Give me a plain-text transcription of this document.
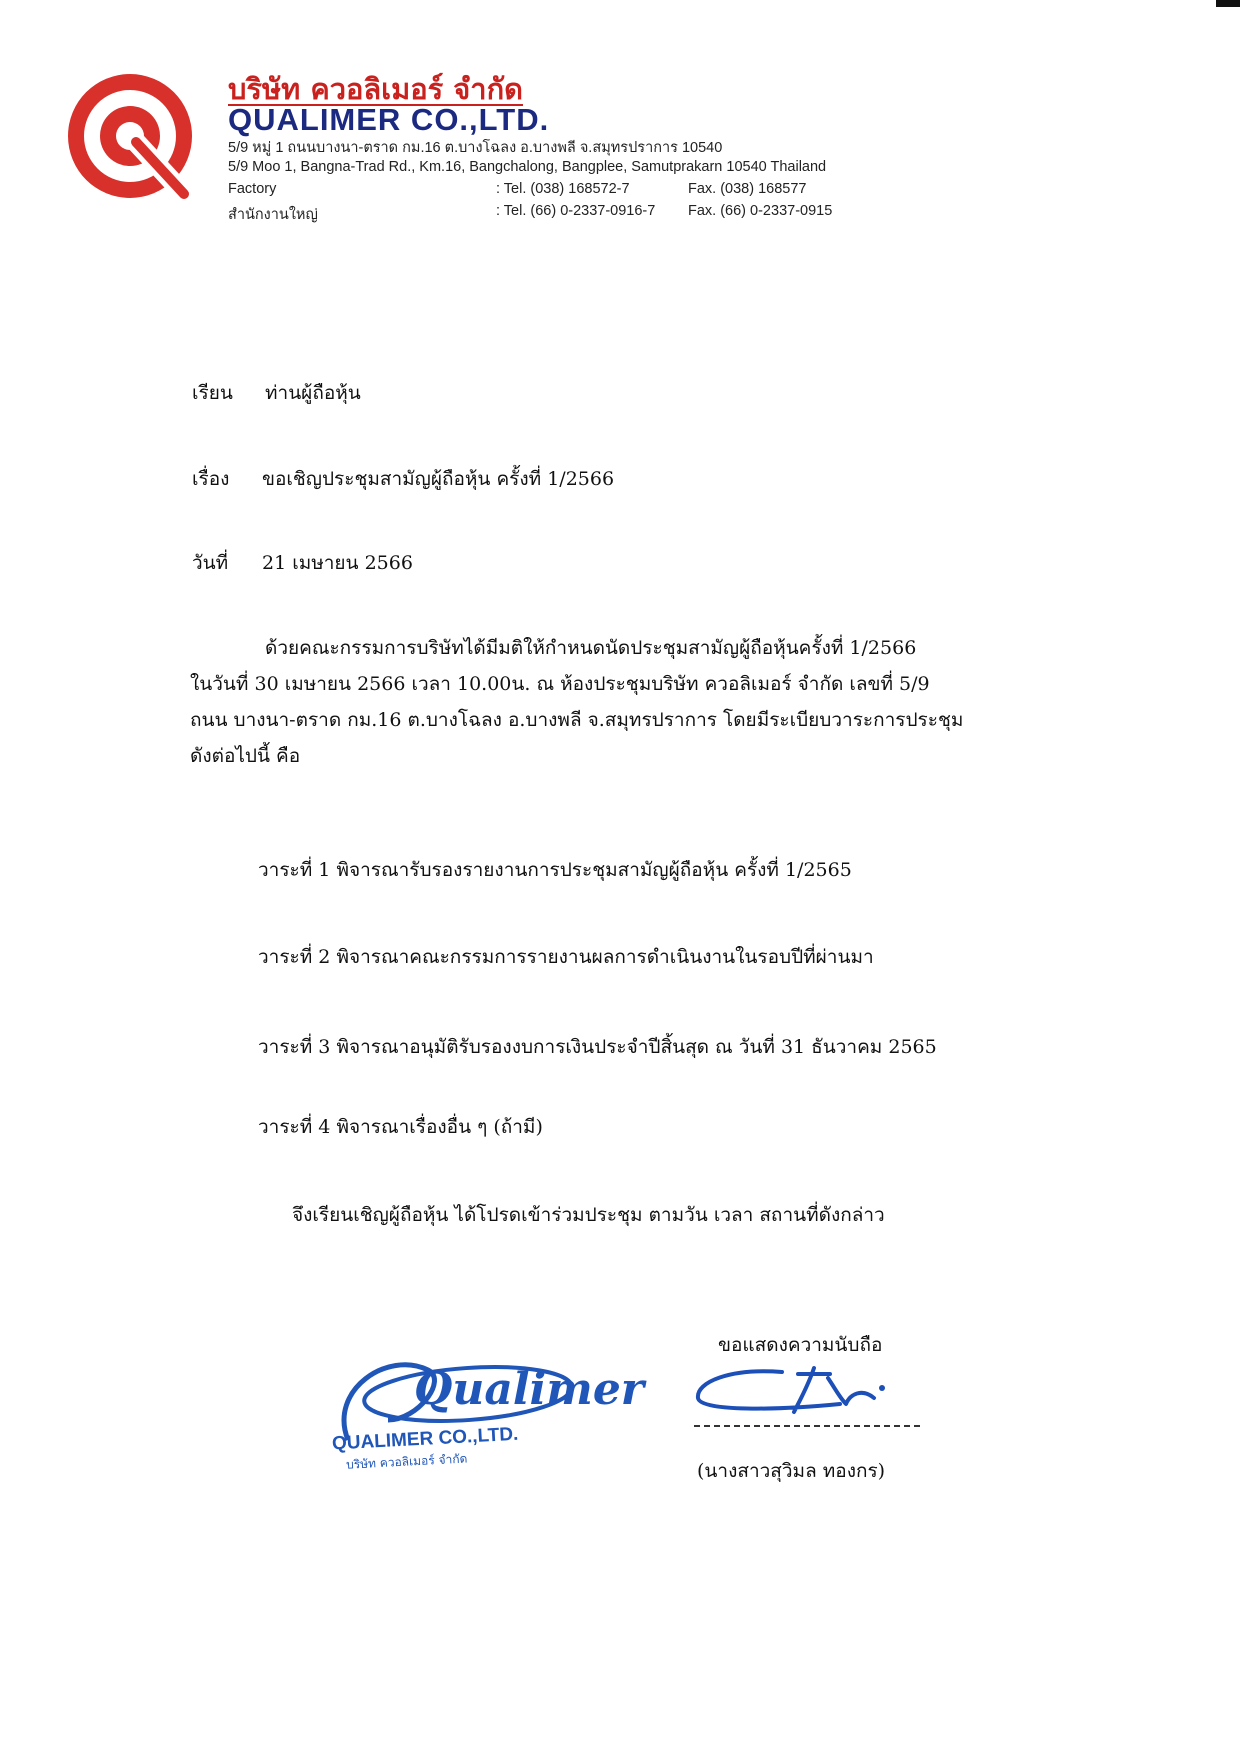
บริษัท ควอลิเมอร์ จำกัด
QUALIMER CO.,LTD.
5/9 หมู่ 1 ถนนบางนา-ตราด กม.16 ต.บางโฉลง อ.บางพลี จ.สมุทรปราการ 10540
5/9 Moo 1, Bangna-Trad Rd., Km.16, Bangchalong, Bangplee, Samutprakarn 10540 Thailand
Factory	: Tel. (038) 168572-7	Fax. (038) 168577
สำนักงานใหญ่	: Tel. (66) 0-2337-0916-7 Fax. (66) 0-2337-0915
เรียน ท่านผู้ถือหุ้น
เรื่อง ขอเชิญประชุมสามัญผู้ถือหุ้น ครั้งที่ 1/2566
วันที่ 21 เมษายน 2566

ด้วยคณะกรรมการบริษัทได้มีมติให้กำหนดนัดประชุมสามัญผู้ถือหุ้นครั้งที่ 1/2566

ในวันที่ 30 เมษายน 2566 เวลา 10.00น. ณ ห้องประชุมบริษัท ควอลิเมอร์ จำกัด เลขที่ 5/9

ถนน บางนา-ตราด กม.16 ต.บางโฉลง อ.บางพลี จ.สมุทรปราการ โดยมีระเบียบวาระการประชุม

ดังต่อไปนี้ คือ

วาระที่ 1 พิจารณารับรองรายงานการประชุมสามัญผู้ถือหุ้น ครั้งที่ 1/2565
วาระที่ 2 พิจารณาคณะกรรมการรายงานผลการดำเนินงานในรอบปีที่ผ่านมา
วาระที่ 3 พิจารณาอนุมัติรับรองงบการเงินประจำปีสิ้นสุด ณ วันที่ 31 ธันวาคม 2565
วาระที่ 4 พิจารณาเรื่องอื่น ๆ (ถ้ามี)
จึงเรียนเชิญผู้ถือหุ้น ได้โปรดเข้าร่วมประชุม ตามวัน เวลา สถานที่ดังกล่าว
Qualimer
QUALIMER CO.,LTD.
บริษัท ควอลิเมอร์ จำกัด
ขอแสดงความนับถือ
(นางสาวสุวิมล ทองกร)
